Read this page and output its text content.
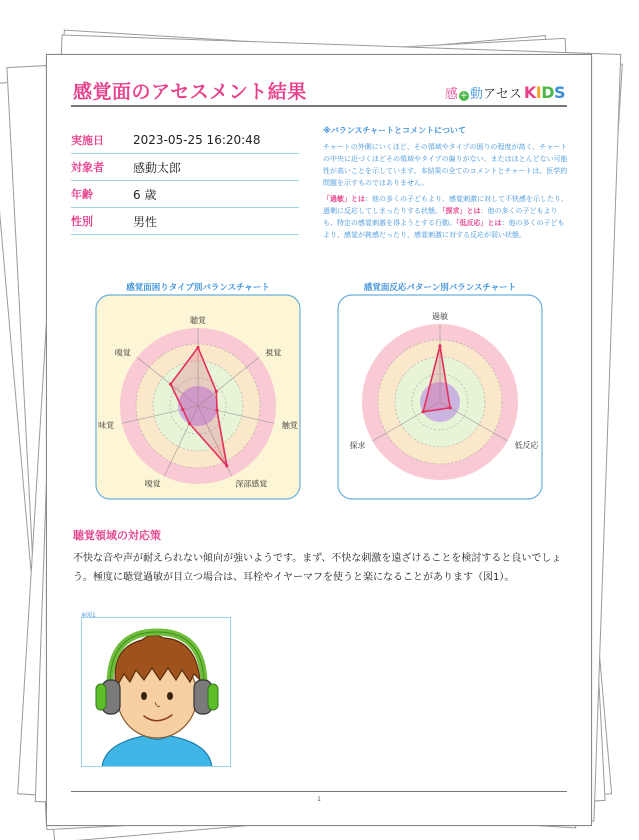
感覚面のアセスメント結果	感 + 動 アセス KIDS
実施日	2023-05-25 16:20:48
対象者	感動太郎
年齢	6 歳
性別	男性
※バランスチャートとコメントについて

チャートの外側にいくほど、その領域やタイプの困りの程度が高く、チャートの中央に近づくほどその領域やタイプの偏りがない、またはほとんどない可能性が高いことを示しています。本結果の全てのコメントとチャートは、医学的問題を示すものではありません。

「過敏」とは：他の多くの子どもより、感覚刺激に対して不快感を示したり、過剰に反応してしまったりする状態。「探求」とは：他の多くの子どもよりも、特定の感覚刺激を得ようとする行動。「低反応」とは：他の多くの子どもより、感覚が鈍感だったり、感覚刺激に対する反応が弱い状態。

感覚面困りタイプ別バランスチャート
聴覚
視覚
触覚
深部感覚
嗅覚
味覚
嗅覚
感覚面反応パターン別バランスチャート
過敏
低反応
探求
聴覚領域の対応策
不快な音や声が耐えられない傾向が強いようです。まず、不快な刺激を遠ざけることを検討すると良いでしょう。極度に聴覚過敏が目立つ場合は、耳栓やイヤーマフを使うと楽になることがあります（図1）。
※図1
1
